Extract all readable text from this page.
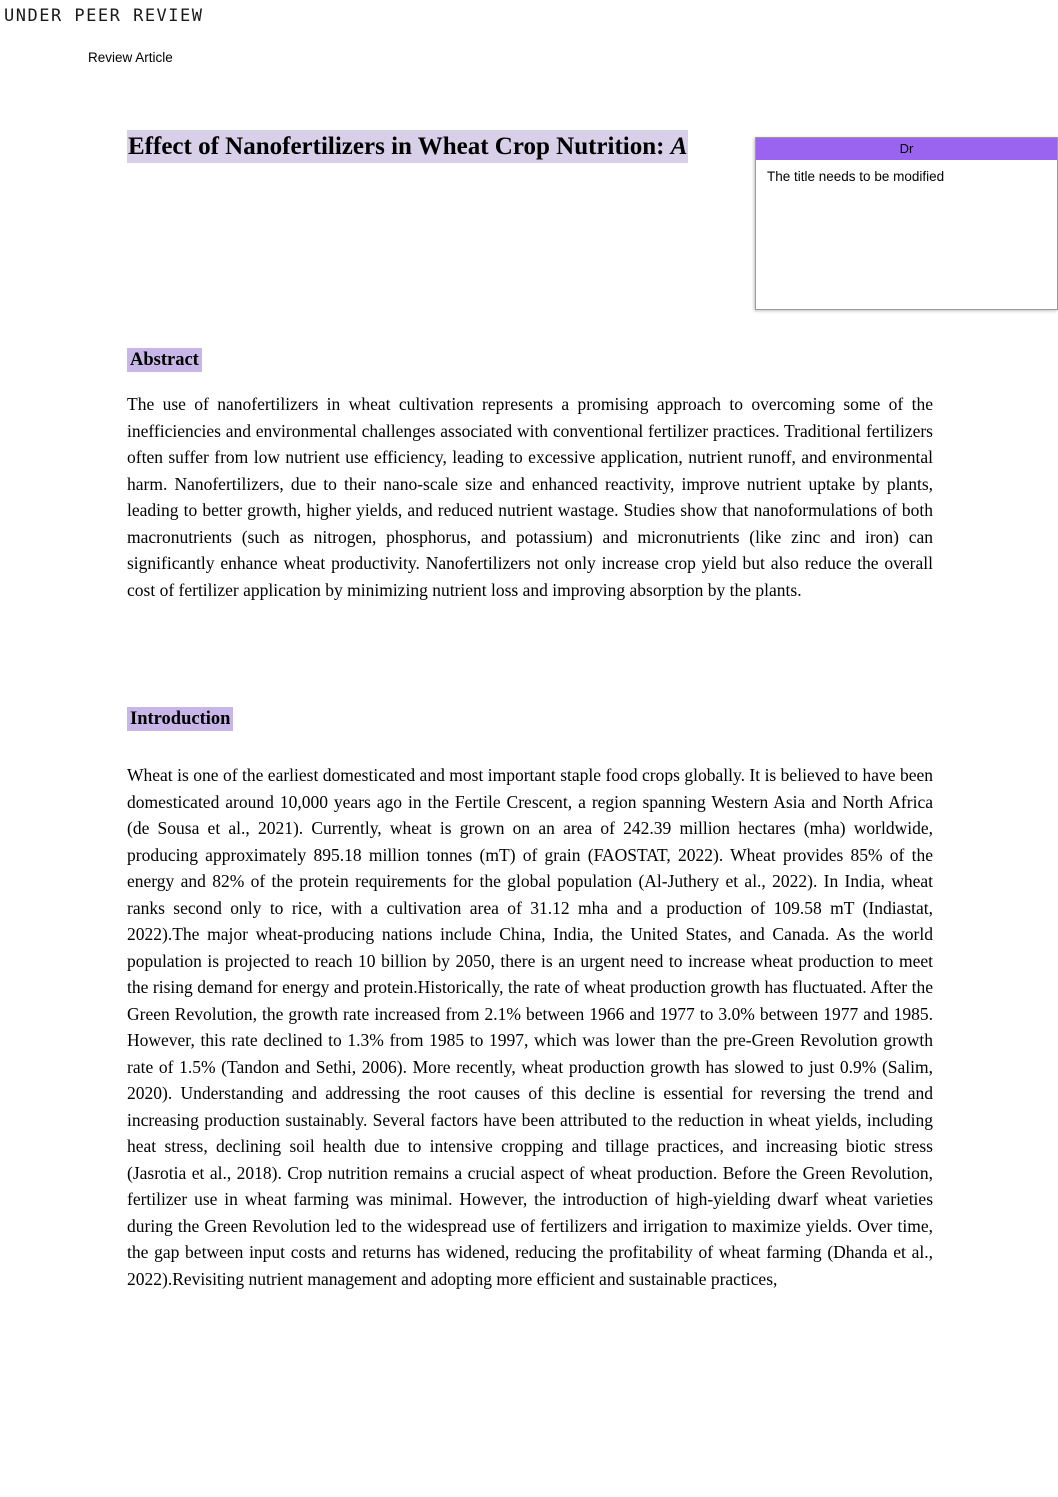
UNDER PEER REVIEW
Review Article
Effect of Nanofertilizers in Wheat Crop Nutrition: A	Dr
The title needs to be modified
Abstract

The use of nanofertilizers in wheat cultivation represents a promising approach to overcoming some of the inefficiencies and environmental challenges associated with conventional fertilizer practices. Traditional fertilizers often suffer from low nutrient use efficiency, leading to excessive application, nutrient runoff, and environmental harm. Nanofertilizers, due to their nano-scale size and enhanced reactivity, improve nutrient uptake by plants, leading to better growth, higher yields, and reduced nutrient wastage. Studies show that nanoformulations of both macronutrients (such as nitrogen, phosphorus, and potassium) and micronutrients (like zinc and iron) can significantly enhance wheat productivity. Nanofertilizers not only increase crop yield but also reduce the overall cost of fertilizer application by minimizing nutrient loss and improving absorption by the plants.

Introduction

Wheat is one of the earliest domesticated and most important staple food crops globally. It is believed to have been domesticated around 10,000 years ago in the Fertile Crescent, a region spanning Western Asia and North Africa (de Sousa et al., 2021). Currently, wheat is grown on an area of 242.39 million hectares (mha) worldwide, producing approximately 895.18 million tonnes (mT) of grain (FAOSTAT, 2022). Wheat provides 85% of the energy and 82% of the protein requirements for the global population (Al-Juthery et al., 2022). In India, wheat ranks second only to rice, with a cultivation area of 31.12 mha and a production of 109.58 mT (Indiastat, 2022).The major wheat-producing nations include China, India, the United States, and Canada. As the world population is projected to reach 10 billion by 2050, there is an urgent need to increase wheat production to meet the rising demand for energy and protein.Historically, the rate of wheat production growth has fluctuated. After the Green Revolution, the growth rate increased from 2.1% between 1966 and 1977 to 3.0% between 1977 and 1985. However, this rate declined to 1.3% from 1985 to 1997, which was lower than the pre-Green Revolution growth rate of 1.5% (Tandon and Sethi, 2006). More recently, wheat production growth has slowed to just 0.9% (Salim, 2020). Understanding and addressing the root causes of this decline is essential for reversing the trend and increasing production sustainably. Several factors have been attributed to the reduction in wheat yields, including heat stress, declining soil health due to intensive cropping and tillage practices, and increasing biotic stress (Jasrotia et al., 2018). Crop nutrition remains a crucial aspect of wheat production. Before the Green Revolution, fertilizer use in wheat farming was minimal. However, the introduction of high-yielding dwarf wheat varieties during the Green Revolution led to the widespread use of fertilizers and irrigation to maximize yields. Over time, the gap between input costs and returns has widened, reducing the profitability of wheat farming (Dhanda et al., 2022).Revisiting nutrient management and adopting more efficient and sustainable practices,
